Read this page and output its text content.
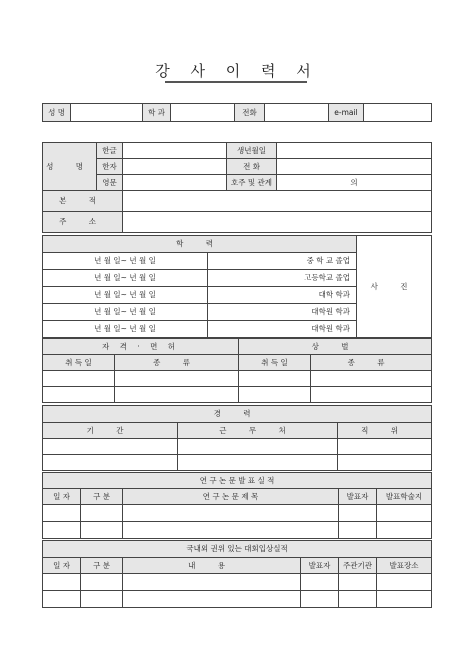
강 사 이 력 서
성 명		학 과		전화		e-mail	
성 명	한글		생년월일	
	한자		전 화	
	영문		호주 및 관계	의
본 적				
주 소				
학 력		사 진
년 월 일~ 년 월 일	중 학 교 졸업	
년 월 일~ 년 월 일	고등학교 졸업	
년 월 일~ 년 월 일	대학 학과	
년 월 일~ 년 월 일	대학원 학과	
년 월 일~ 년 월 일	대학원 학과	
자 격 · 면 허		상 벌	
취 득 일	종 류	취 득 일	종 류

경 력		
기 간	근 무 처	직 위

연 구 논 문 발 표 실 적				
일 자	구 분	연 구 논 문 제 목	발표자	발표학술지

국내외 권위 있는 대회입상실적					
일 자	구 분	내 용	발표자	주관기관	발표장소
